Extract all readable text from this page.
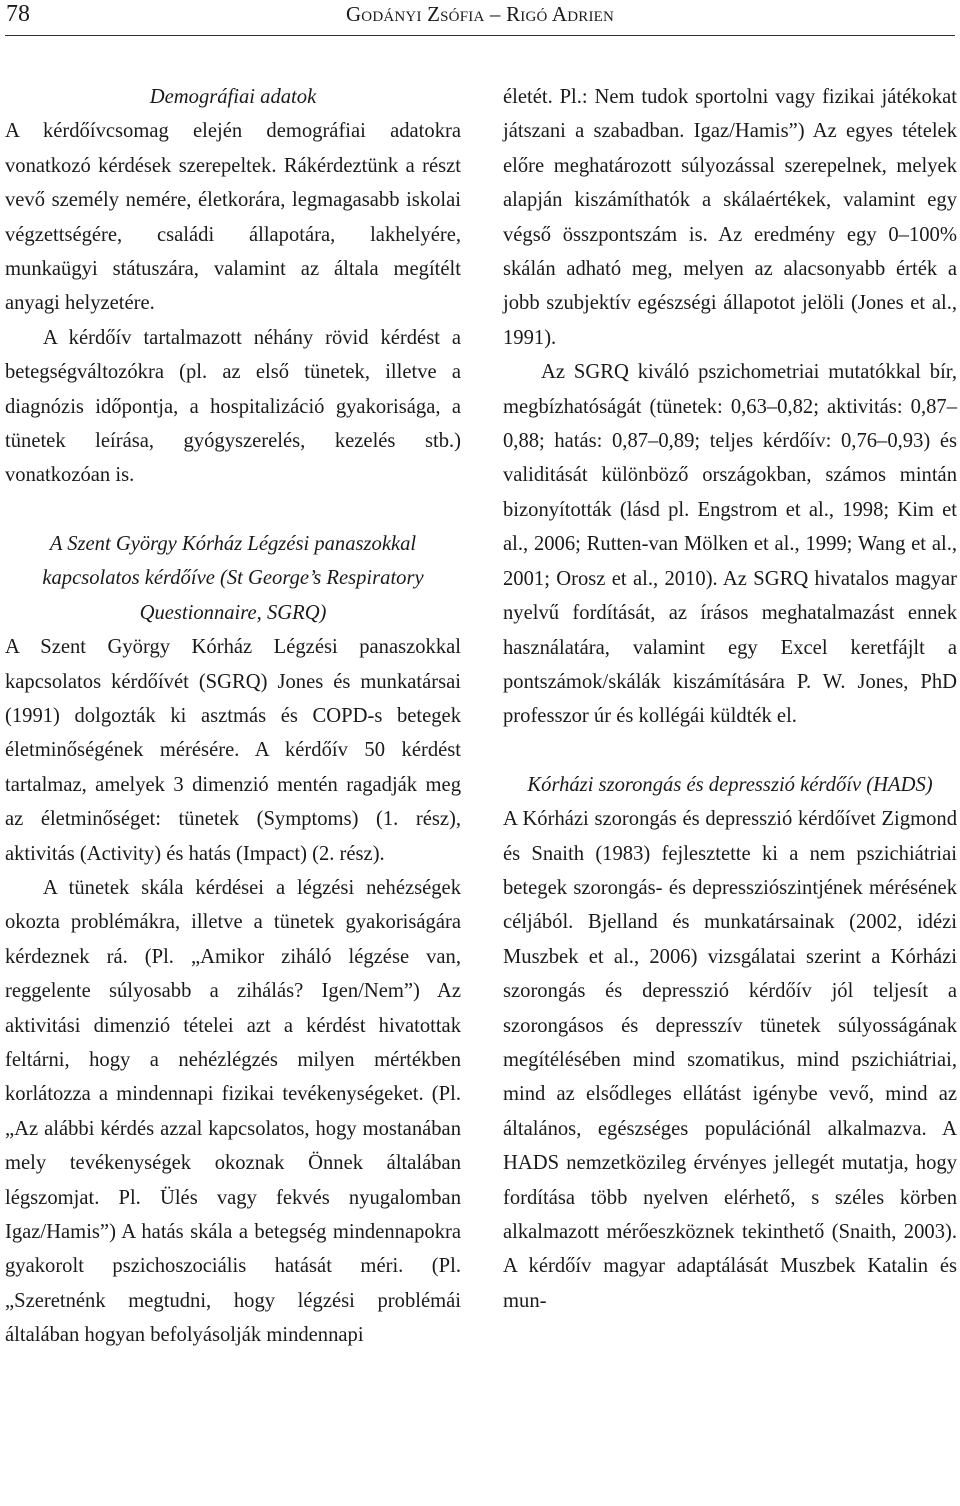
78	Godányi Zsófia – Rigó Adrien
Demográfiai adatok

A kérdőívcsomag elején demográfiai adatokra vonatkozó kérdések szerepeltek. Rákérdeztünk a részt vevő személy nemére, életkorára, legmagasabb iskolai végzettségére, családi állapotára, lakhelyére, munkaügyi státuszára, valamint az általa megítélt anyagi helyzetére.

A kérdőív tartalmazott néhány rövid kérdést a betegségváltozókra (pl. az első tünetek, illetve a diagnózis időpontja, a hospitalizáció gyakorisága, a tünetek leírása, gyógyszerelés, kezelés stb.) vonatkozóan is.

A Szent György Kórház Légzési panaszokkal kapcsolatos kérdőíve (St George’s Respiratory Questionnaire, SGRQ)

A Szent György Kórház Légzési panaszokkal kapcsolatos kérdőívét (SGRQ) Jones és munkatársai (1991) dolgozták ki asztmás és COPD-s betegek életminőségének mérésére. A kérdőív 50 kérdést tartalmaz, amelyek 3 dimenzió mentén ragadják meg az életminőséget: tünetek (Symptoms) (1. rész), aktivitás (Activity) és hatás (Impact) (2. rész).

A tünetek skála kérdései a légzési nehézségek okozta problémákra, illetve a tünetek gyakoriságára kérdeznek rá. (Pl. „Amikor ziháló légzése van, reggelente súlyosabb a zihálás? Igen/Nem”) Az aktivitási dimenzió tételei azt a kérdést hivatottak feltárni, hogy a nehézlégzés milyen mértékben korlátozza a mindennapi fizikai tevékenységeket. (Pl. „Az alábbi kérdés azzal kapcsolatos, hogy mostanában mely tevékenységek okoznak Önnek általában légszomjat. Pl. Ülés vagy fekvés nyugalomban Igaz/Hamis”) A hatás skála a betegség mindennapokra gyakorolt pszichoszociális hatását méri. (Pl. „Szeretnénk megtudni, hogy légzési problémái általában hogyan befolyásolják mindennapi

életét. Pl.: Nem tudok sportolni vagy fizikai játékokat játszani a szabadban. Igaz/Hamis”) Az egyes tételek előre meghatározott súlyozással szerepelnek, melyek alapján kiszámíthatók a skálaértékek, valamint egy végső összpontszám is. Az eredmény egy 0–100% skálán adható meg, melyen az alacsonyabb érték a jobb szubjektív egészségi állapotot jelöli (Jones et al., 1991).

Az SGRQ kiváló pszichometriai mutatókkal bír, megbízhatóságát (tünetek: 0,63–0,82; aktivitás: 0,87–0,88; hatás: 0,87–0,89; teljes kérdőív: 0,76–0,93) és validitását különböző országokban, számos mintán bizonyították (lásd pl. Engstrom et al., 1998; Kim et al., 2006; Rutten-van Mölken et al., 1999; Wang et al., 2001; Orosz et al., 2010). Az SGRQ hivatalos magyar nyelvű fordítását, az írásos meghatalmazást ennek használatára, valamint egy Excel keretfájlt a pontszámok/skálák kiszámítására P. W. Jones, PhD professzor úr és kollégái küldték el.

Kórházi szorongás és depresszió kérdőív (HADS)

A Kórházi szorongás és depresszió kérdőívet Zigmond és Snaith (1983) fejlesztette ki a nem pszichiátriai betegek szorongás- és depressziószintjének mérésének céljából. Bjelland és munkatársainak (2002, idézi Muszbek et al., 2006) vizsgálatai szerint a Kórházi szorongás és depresszió kérdőív jól teljesít a szorongásos és depresszív tünetek súlyosságának megítélésében mind szomatikus, mind pszichiátriai, mind az elsődleges ellátást igénybe vevő, mind az általános, egészséges populációnál alkalmazva. A HADS nemzetközileg érvényes jellegét mutatja, hogy fordítása több nyelven elérhető, s széles körben alkalmazott mérőeszköznek tekinthető (Snaith, 2003). A kérdőív magyar adaptálását Muszbek Katalin és mun-
